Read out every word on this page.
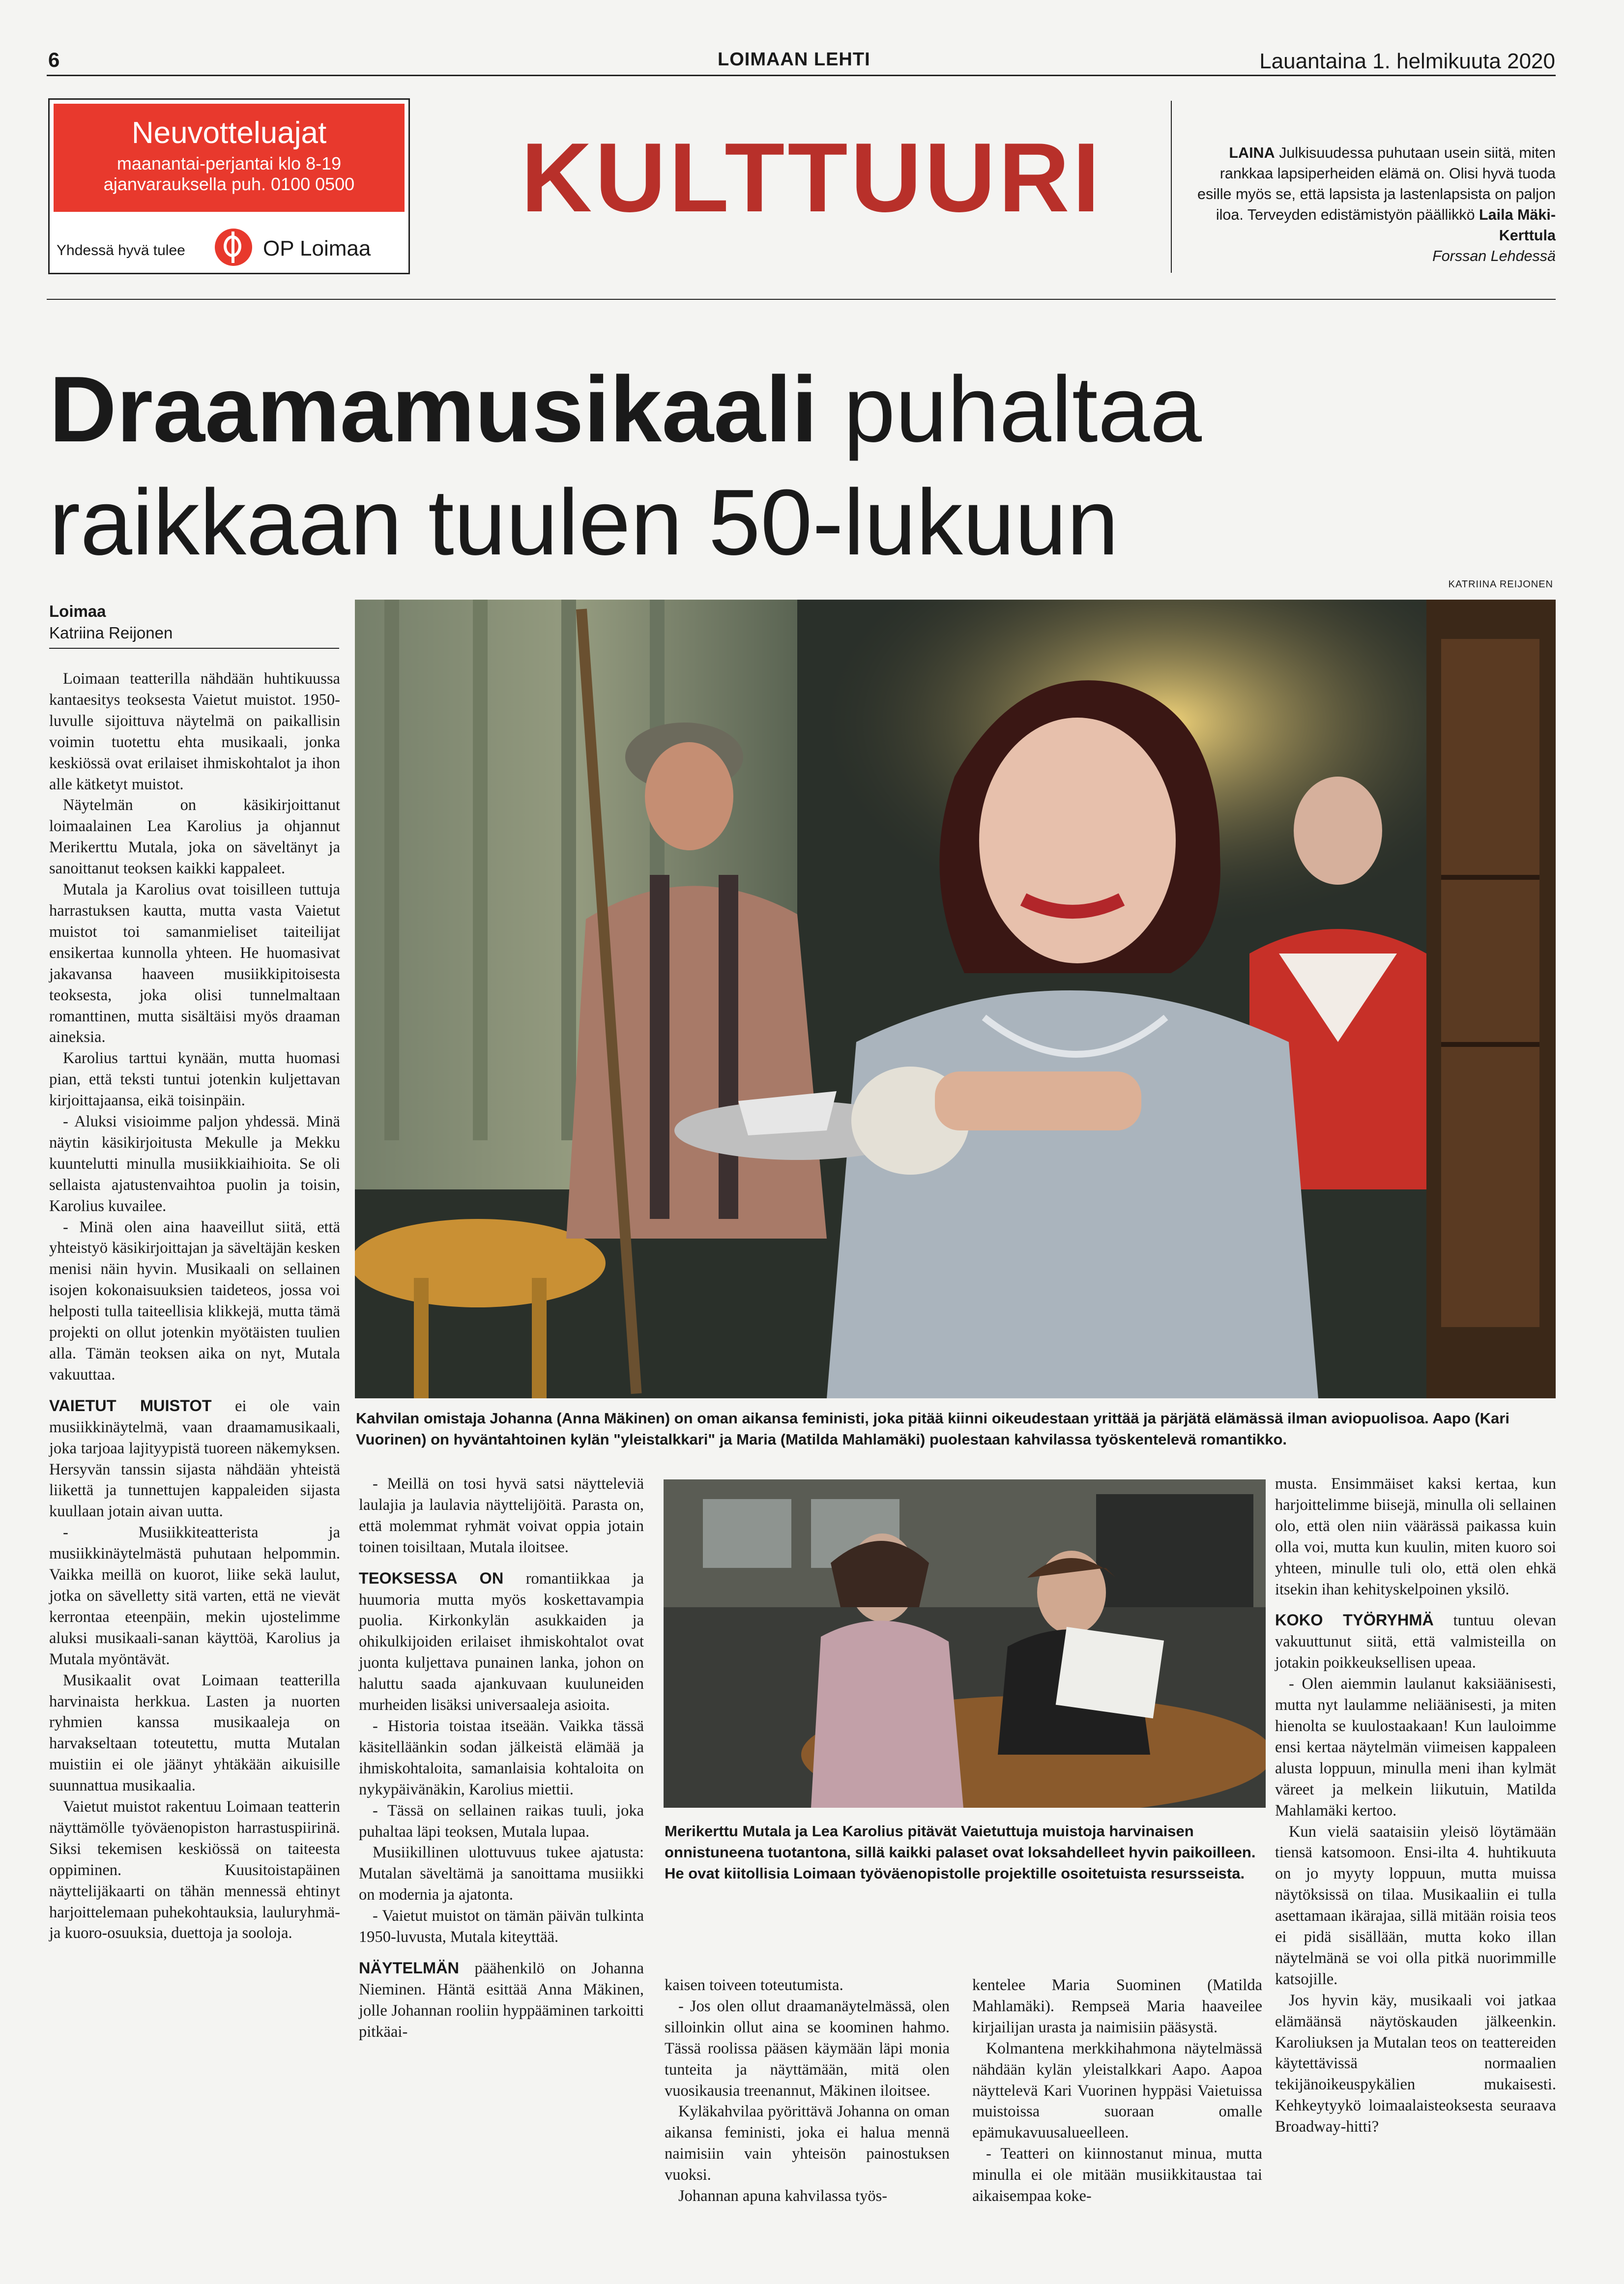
6	LOIMAAN LEHTI	Lauantaina 1. helmikuuta 2020
Neuvotteluajat
maanantai-perjantai klo 8-19
ajanvarauksella puh. 0100 0500
Yhdessä hyvä tulee	OP Loimaa
KULTTUURI	LAINA Julkisuudessa puhutaan usein siitä, miten rankkaa lapsiperheiden elämä on. Olisi hyvä tuoda esille myös se, että lapsista ja lastenlapsista on paljon iloa. Terveyden edistämistyön päällikkö Laila Mäki-Kerttula
Forssan Lehdessä
Draamamusikaali puhaltaa
raikkaan tuulen 50-lukuun
Loimaa
Katriina Reijonen
KATRIINA REIJONEN
Kahvilan omistaja Johanna (Anna Mäkinen) on oman aikansa feministi, joka pitää kiinni oikeudestaan yrittää ja pärjätä elämässä ilman aviopuolisoa. Aapo (Kari Vuorinen) on hyväntahtoinen kylän "yleistalkkari" ja Maria (Matilda Mahlamäki) puolestaan kahvilassa työskentelevä romantikko.

Loimaan teatterilla nähdään huhtikuussa kantaesitys teoksesta Vaietut muistot. 1950-luvulle sijoittuva näytelmä on paikallisin voimin tuotettu ehta musikaali, jonka keskiössä ovat erilaiset ihmiskohtalot ja ihon alle kätketyt muistot.

Näytelmän on käsikirjoittanut loimaalainen Lea Karolius ja ohjannut Merikerttu Mutala, joka on säveltänyt ja sanoittanut teoksen kaikki kappaleet.

Mutala ja Karolius ovat toisilleen tuttuja harrastuksen kautta, mutta vasta Vaietut muistot toi samanmieliset taiteilijat ensikertaa kunnolla yhteen. He huomasivat jakavansa haaveen musiikkipitoisesta teoksesta, joka olisi tunnelmaltaan romanttinen, mutta sisältäisi myös draaman aineksia.

Karolius tarttui kynään, mutta huomasi pian, että teksti tuntui jotenkin kuljettavan kirjoittajaansa, eikä toisinpäin.

- Aluksi visioimme paljon yhdessä. Minä näytin käsikirjoitusta Mekulle ja Mekku kuuntelutti minulla musiikkiaihioita. Se oli sellaista ajatustenvaihtoa puolin ja toisin, Karolius kuvailee.

- Minä olen aina haaveillut siitä, että yhteistyö käsikirjoittajan ja säveltäjän kesken menisi näin hyvin. Musikaali on sellainen isojen kokonaisuuksien taideteos, jossa voi helposti tulla taiteellisia klikkejä, mutta tämä projekti on ollut jotenkin myötäisten tuulien alla. Tämän teoksen aika on nyt, Mutala vakuuttaa.

VAIETUT MUISTOT ei ole vain musiikkinäytelmä, vaan draamamusikaali, joka tarjoaa lajityypistä tuoreen näkemyksen. Hersyvän tanssin sijasta nähdään yhteistä liikettä ja tunnettujen kappaleiden sijasta kuullaan jotain aivan uutta.

- Musiikkiteatterista ja musiikkinäytelmästä puhutaan helpommin. Vaikka meillä on kuorot, liike sekä laulut, jotka on sävelletty sitä varten, että ne vievät kerrontaa eteenpäin, mekin ujostelimme aluksi musikaali-sanan käyttöä, Karolius ja Mutala myöntävät.

Musikaalit ovat Loimaan teatterilla harvinaista herkkua. Lasten ja nuorten ryhmien kanssa musikaaleja on harvakseltaan toteutettu, mutta Mutalan muistiin ei ole jäänyt yhtäkään aikuisille suunnattua musikaalia.

Vaietut muistot rakentuu Loimaan teatterin näyttämölle työväenopiston harrastuspiirinä. Siksi tekemisen keskiössä on taiteesta oppiminen. Kuusitoistapäinen näyttelijäkaarti on tähän mennessä ehtinyt harjoittelemaan puhekohtauksia, lauluryhmä- ja kuoro-osuuksia, duettoja ja sooloja.

- Meillä on tosi hyvä satsi näytteleviä laulajia ja laulavia näyttelijöitä. Parasta on, että molemmat ryhmät voivat oppia jotain toinen toisiltaan, Mutala iloitsee.

TEOKSESSA ON romantiikkaa ja huumoria mutta myös koskettavampia puolia. Kirkonkylän asukkaiden ja ohikulkijoiden erilaiset ihmiskohtalot ovat juonta kuljettava punainen lanka, johon on haluttu saada ajankuvaan kuuluneiden murheiden lisäksi universaaleja asioita.

- Historia toistaa itseään. Vaikka tässä käsitelläänkin sodan jälkeistä elämää ja ihmiskohtaloita, samanlaisia kohtaloita on nykypäivänäkin, Karolius miettii.

- Tässä on sellainen raikas tuuli, joka puhaltaa läpi teoksen, Mutala lupaa.

Musiikillinen ulottuvuus tukee ajatusta: Mutalan säveltämä ja sanoittama musiikki on modernia ja ajatonta.

- Vaietut muistot on tämän päivän tulkinta 1950-luvusta, Mutala kiteyttää.

NÄYTELMÄN päähenkilö on Johanna Nieminen. Häntä esittää Anna Mäkinen, jolle Johannan rooliin hyppääminen tarkoitti pitkäai-

Merikerttu Mutala ja Lea Karolius pitävät Vaietuttuja muistoja harvinaisen onnistuneena tuotantona, sillä kaikki palaset ovat loksahdelleet hyvin paikoilleen. He ovat kiitollisia Loimaan työväenopistolle projektille osoitetuista resursseista.

kaisen toiveen toteutumista.

- Jos olen ollut draamanäytelmässä, olen silloinkin ollut aina se koominen hahmo. Tässä roolissa pääsen käymään läpi monia tunteita ja näyttämään, mitä olen vuosikausia treenannut, Mäkinen iloitsee.

Kyläkahvilaa pyörittävä Johanna on oman aikansa feministi, joka ei halua mennä naimisiin vain yhteisön painostuksen vuoksi.

Johannan apuna kahvilassa työs-

kentelee Maria Suominen (Matilda Mahlamäki). Rempseä Maria haaveilee kirjailijan urasta ja naimisiin pääsystä.

Kolmantena merkkihahmona näytelmässä nähdään kylän yleistalkkari Aapo. Aapoa näyttelevä Kari Vuorinen hyppäsi Vaietuissa muistoissa suoraan omalle epämukavuusalueelleen.

- Teatteri on kiinnostanut minua, mutta minulla ei ole mitään musiikkitaustaa tai aikaisempaa koke-

musta. Ensimmäiset kaksi kertaa, kun harjoittelimme biisejä, minulla oli sellainen olo, että olen niin väärässä paikassa kuin olla voi, mutta kun kuulin, miten kuoro soi yhteen, minulle tuli olo, että olen ehkä itsekin ihan kehityskelpoinen yksilö.

KOKO TYÖRYHMÄ tuntuu olevan vakuuttunut siitä, että valmisteilla on jotakin poikkeuksellisen upeaa.

- Olen aiemmin laulanut kaksiäänisesti, mutta nyt laulamme neliäänisesti, ja miten hienolta se kuulostaakaan! Kun lauloimme ensi kertaa näytelmän viimeisen kappaleen alusta loppuun, minulla meni ihan kylmät väreet ja melkein liikutuin, Matilda Mahlamäki kertoo.

Kun vielä saataisiin yleisö löytämään tiensä katsomoon. Ensi-ilta 4. huhtikuuta on jo myyty loppuun, mutta muissa näytöksissä on tilaa. Musikaaliin ei tulla asettamaan ikärajaa, sillä mitään roisia teos ei pidä sisällään, mutta koko illan näytelmänä se voi olla pitkä nuorimmille katsojille.

Jos hyvin käy, musikaali voi jatkaa elämäänsä näytöskauden jälkeenkin. Karoliuksen ja Mutalan teos on teattereiden käytettävissä normaalien tekijänoikeuspykälien mukaisesti. Kehkeytyykö loimaalaisteoksesta seuraava Broadway-hitti?
